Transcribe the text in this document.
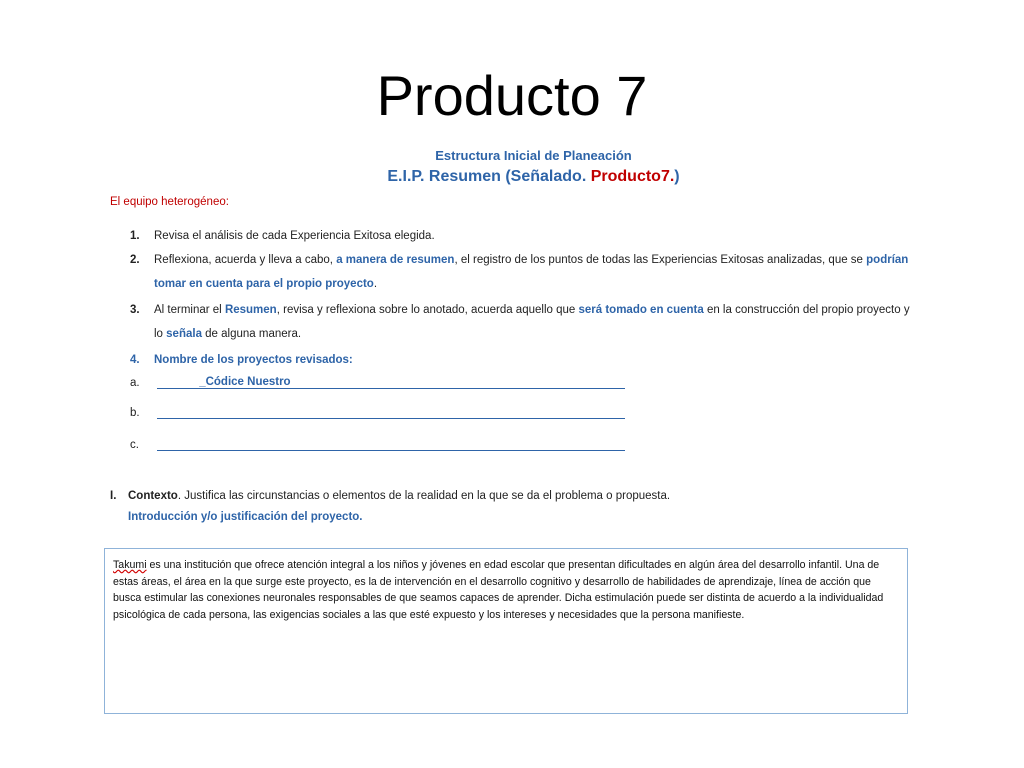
Producto 7
Estructura Inicial de Planeación
E.I.P. Resumen (Señalado. Producto7.)
El equipo heterogéneo:
1. Revisa el análisis de cada Experiencia Exitosa elegida.
2. Reflexiona, acuerda y lleva a cabo, a manera de resumen, el registro de los puntos de todas las Experiencias Exitosas analizadas, que se podrían tomar en cuenta para el propio proyecto.
3. Al terminar el Resumen, revisa y reflexiona sobre lo anotado, acuerda aquello que será tomado en cuenta en la construcción del propio proyecto y lo señala de alguna manera.
4. Nombre de los proyectos revisados:
a.	_Códice Nuestro
b.
c.
I. Contexto. Justifica las circunstancias o elementos de la realidad en la que se da el problema o propuesta.
Introducción y/o justificación del proyecto.
Takumi es una institución que ofrece atención integral a los niños y jóvenes en edad escolar que presentan dificultades en algún área del desarrollo infantil. Una de estas áreas, el área en la que surge este proyecto, es la de intervención en el desarrollo cognitivo y desarrollo de habilidades de aprendizaje, línea de acción que busca estimular las conexiones neuronales responsables de que seamos capaces de aprender. Dicha estimulación puede ser distinta de acuerdo a la individualidad psicológica de cada persona, las exigencias sociales a las que esté expuesto y los intereses y necesidades que la persona manifieste.
